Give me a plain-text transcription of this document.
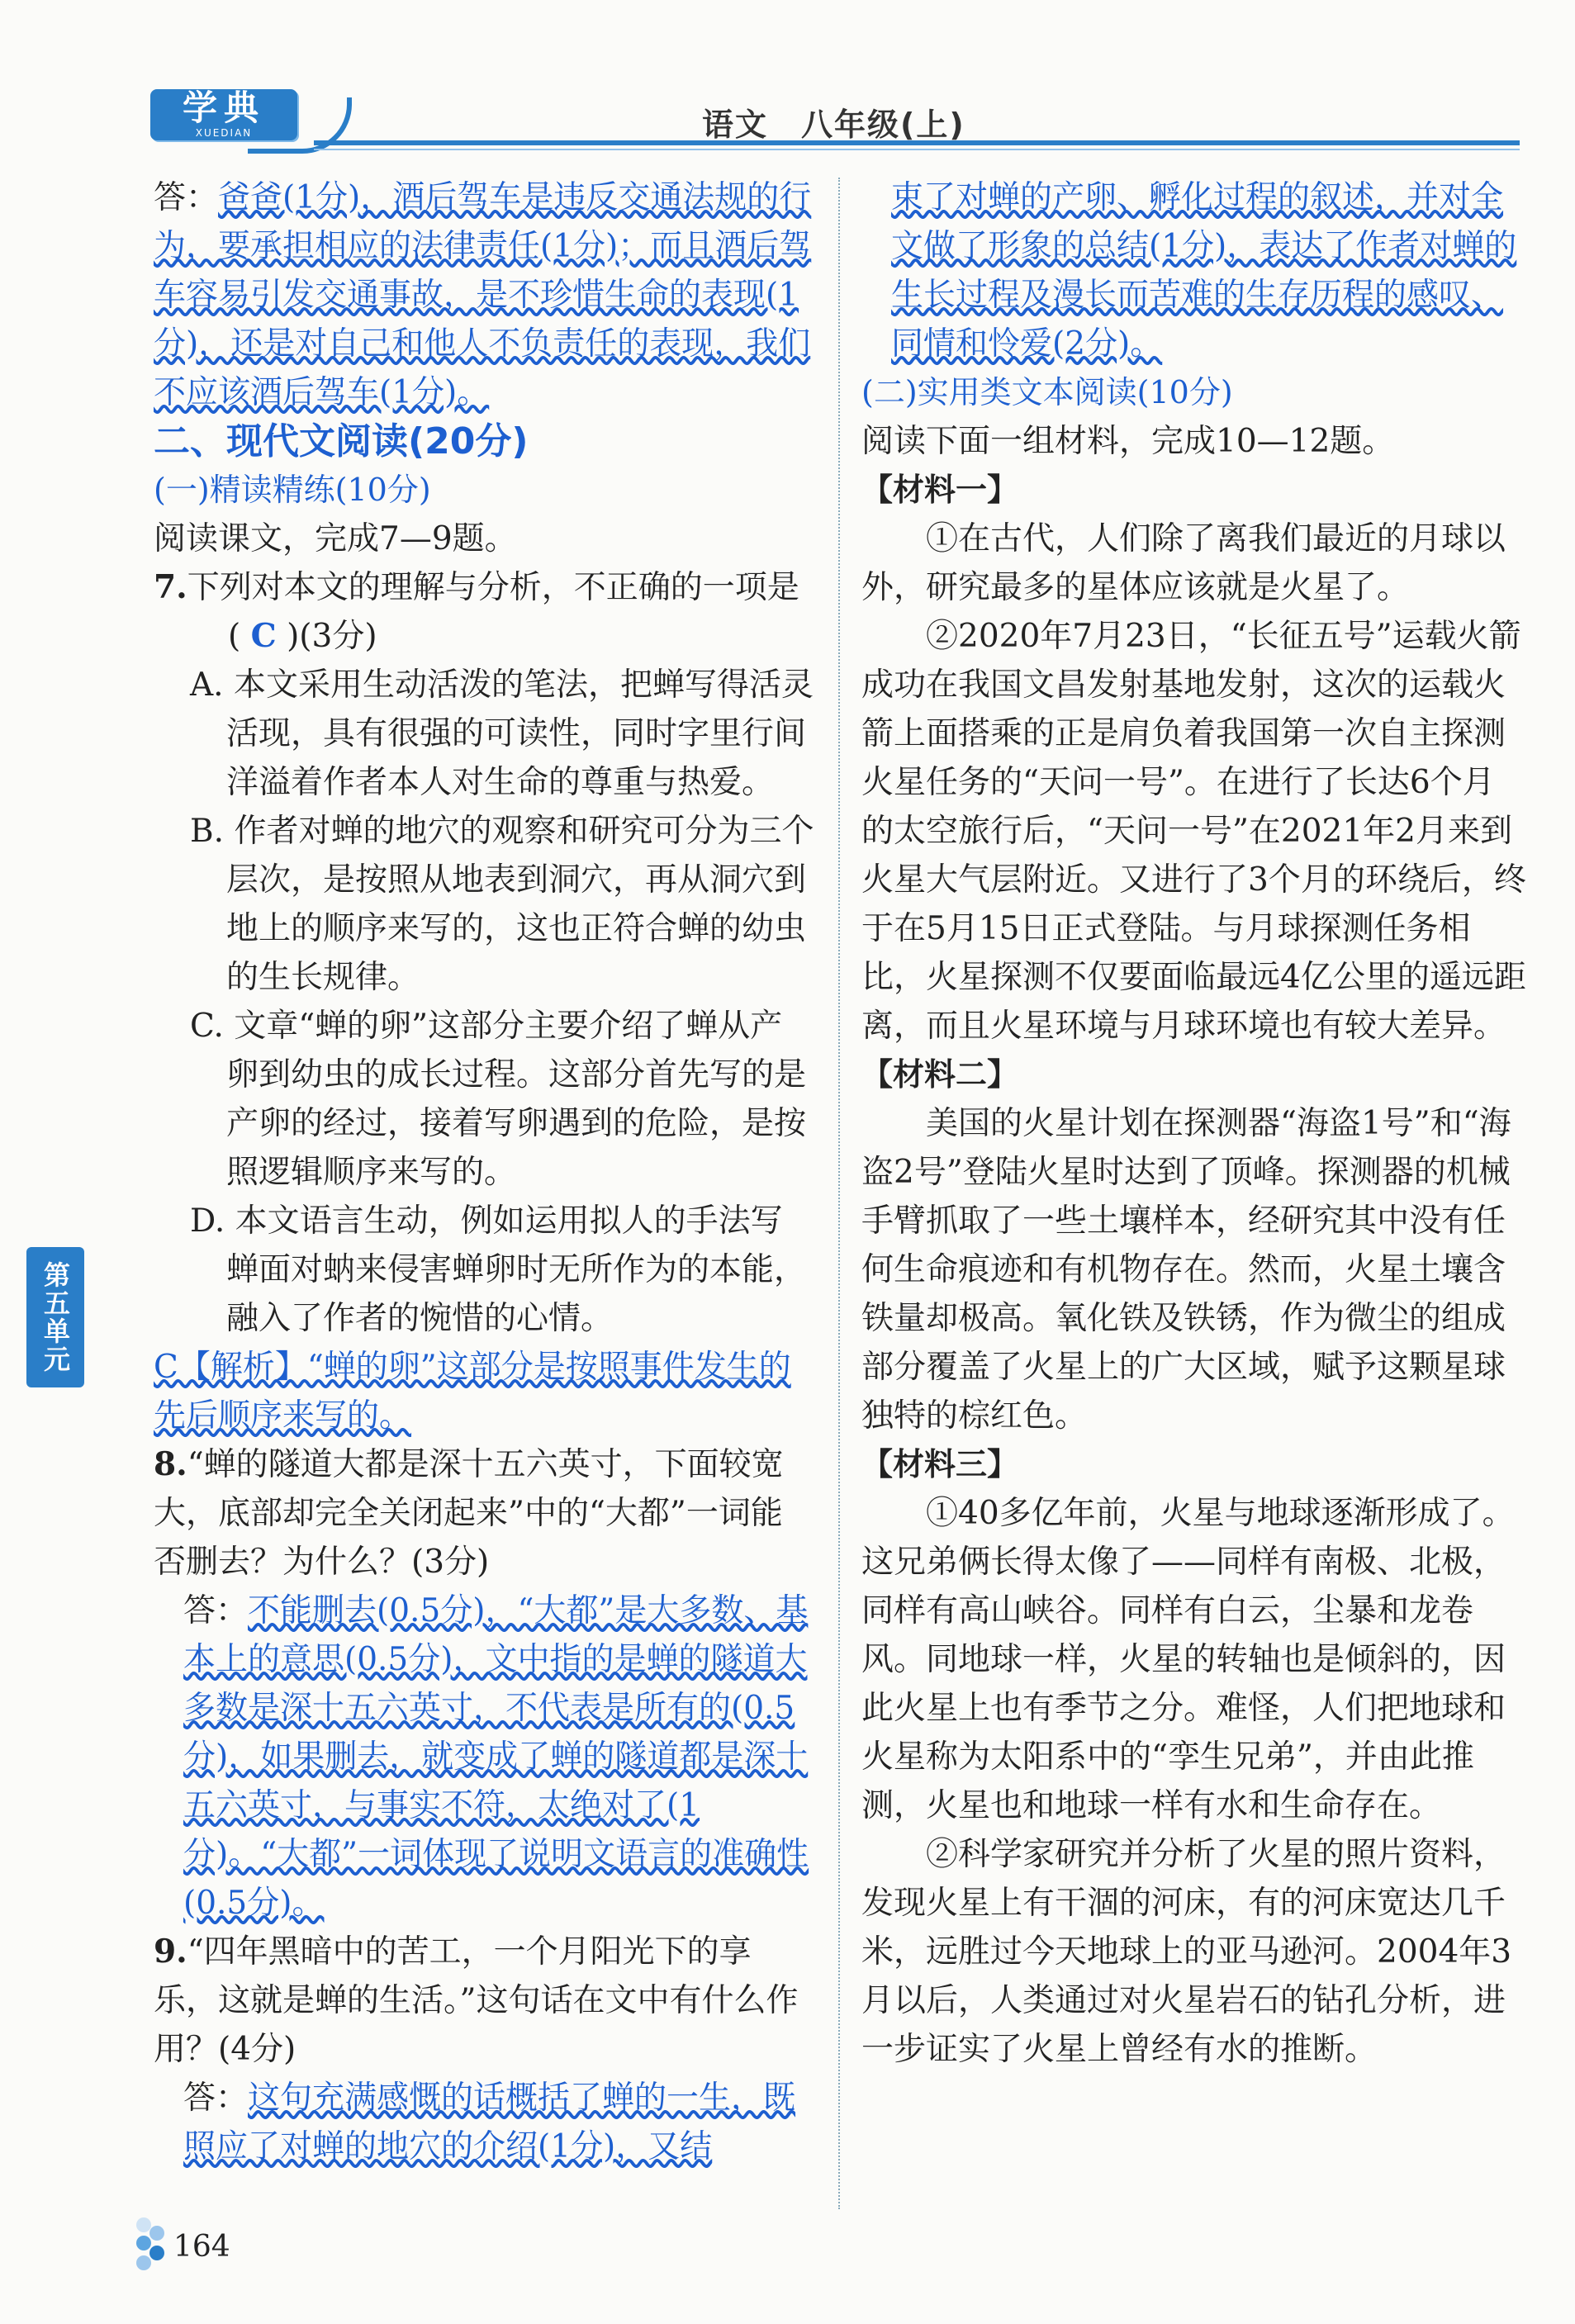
学典
XUEDIAN	语文　八年级(上)
第五单元

答：爸爸(1分)，酒后驾车是违反交通法规的行为，要承担相应的法律责任(1分)；而且酒后驾车容易引发交通事故，是不珍惜生命的表现(1分)，还是对自己和他人不负责任的表现，我们不应该酒后驾车(1分)。

二、现代文阅读(20分)

(一)精读精练(10分)

阅读课文，完成7—9题。

7.下列对本文的理解与分析，不正确的一项是( C )(3分)

A. 本文采用生动活泼的笔法，把蝉写得活灵活现，具有很强的可读性，同时字里行间洋溢着作者本人对生命的尊重与热爱。

B. 作者对蝉的地穴的观察和研究可分为三个层次，是按照从地表到洞穴，再从洞穴到地上的顺序来写的，这也正符合蝉的幼虫的生长规律。

C. 文章“蝉的卵”这部分主要介绍了蝉从产卵到幼虫的成长过程。这部分首先写的是产卵的经过，接着写卵遇到的危险，是按照逻辑顺序来写的。

D. 本文语言生动，例如运用拟人的手法写蝉面对蚋来侵害蝉卵时无所作为的本能，融入了作者的惋惜的心情。

C【解析】“蝉的卵”这部分是按照事件发生的先后顺序来写的。

8.“蝉的隧道大都是深十五六英寸，下面较宽大，底部却完全关闭起来”中的“大都”一词能否删去？为什么？(3分)

答：不能删去(0.5分)，“大都”是大多数、基本上的意思(0.5分)，文中指的是蝉的隧道大多数是深十五六英寸，不代表是所有的(0.5分)，如果删去，就变成了蝉的隧道都是深十五六英寸，与事实不符，太绝对了(1分)。“大都”一词体现了说明文语言的准确性(0.5分)。

9.“四年黑暗中的苦工，一个月阳光下的享乐，这就是蝉的生活。”这句话在文中有什么作用？(4分)

答：这句充满感慨的话概括了蝉的一生，既照应了对蝉的地穴的介绍(1分)，又结

束了对蝉的产卵、孵化过程的叙述，并对全文做了形象的总结(1分)，表达了作者对蝉的生长过程及漫长而苦难的生存历程的感叹、同情和怜爱(2分)。

(二)实用类文本阅读(10分)

阅读下面一组材料，完成10—12题。

【材料一】

①在古代，人们除了离我们最近的月球以外，研究最多的星体应该就是火星了。

②2020年7月23日，“长征五号”运载火箭成功在我国文昌发射基地发射，这次的运载火箭上面搭乘的正是肩负着我国第一次自主探测火星任务的“天问一号”。在进行了长达6个月的太空旅行后，“天问一号”在2021年2月来到火星大气层附近。又进行了3个月的环绕后，终于在5月15日正式登陆。与月球探测任务相比，火星探测不仅要面临最远4亿公里的遥远距离，而且火星环境与月球环境也有较大差异。

【材料二】

美国的火星计划在探测器“海盗1号”和“海盗2号”登陆火星时达到了顶峰。探测器的机械手臂抓取了一些土壤样本，经研究其中没有任何生命痕迹和有机物存在。然而，火星土壤含铁量却极高。氧化铁及铁锈，作为微尘的组成部分覆盖了火星上的广大区域，赋予这颗星球独特的棕红色。

【材料三】

①40多亿年前，火星与地球逐渐形成了。这兄弟俩长得太像了——同样有南极、北极，同样有高山峡谷。同样有白云，尘暴和龙卷风。同地球一样，火星的转轴也是倾斜的，因此火星上也有季节之分。难怪，人们把地球和火星称为太阳系中的“孪生兄弟”，并由此推测，火星也和地球一样有水和生命存在。

②科学家研究并分析了火星的照片资料，发现火星上有干涸的河床，有的河床宽达几千米，远胜过今天地球上的亚马逊河。2004年3月以后，人类通过对火星岩石的钻孔分析，进一步证实了火星上曾经有水的推断。

164
